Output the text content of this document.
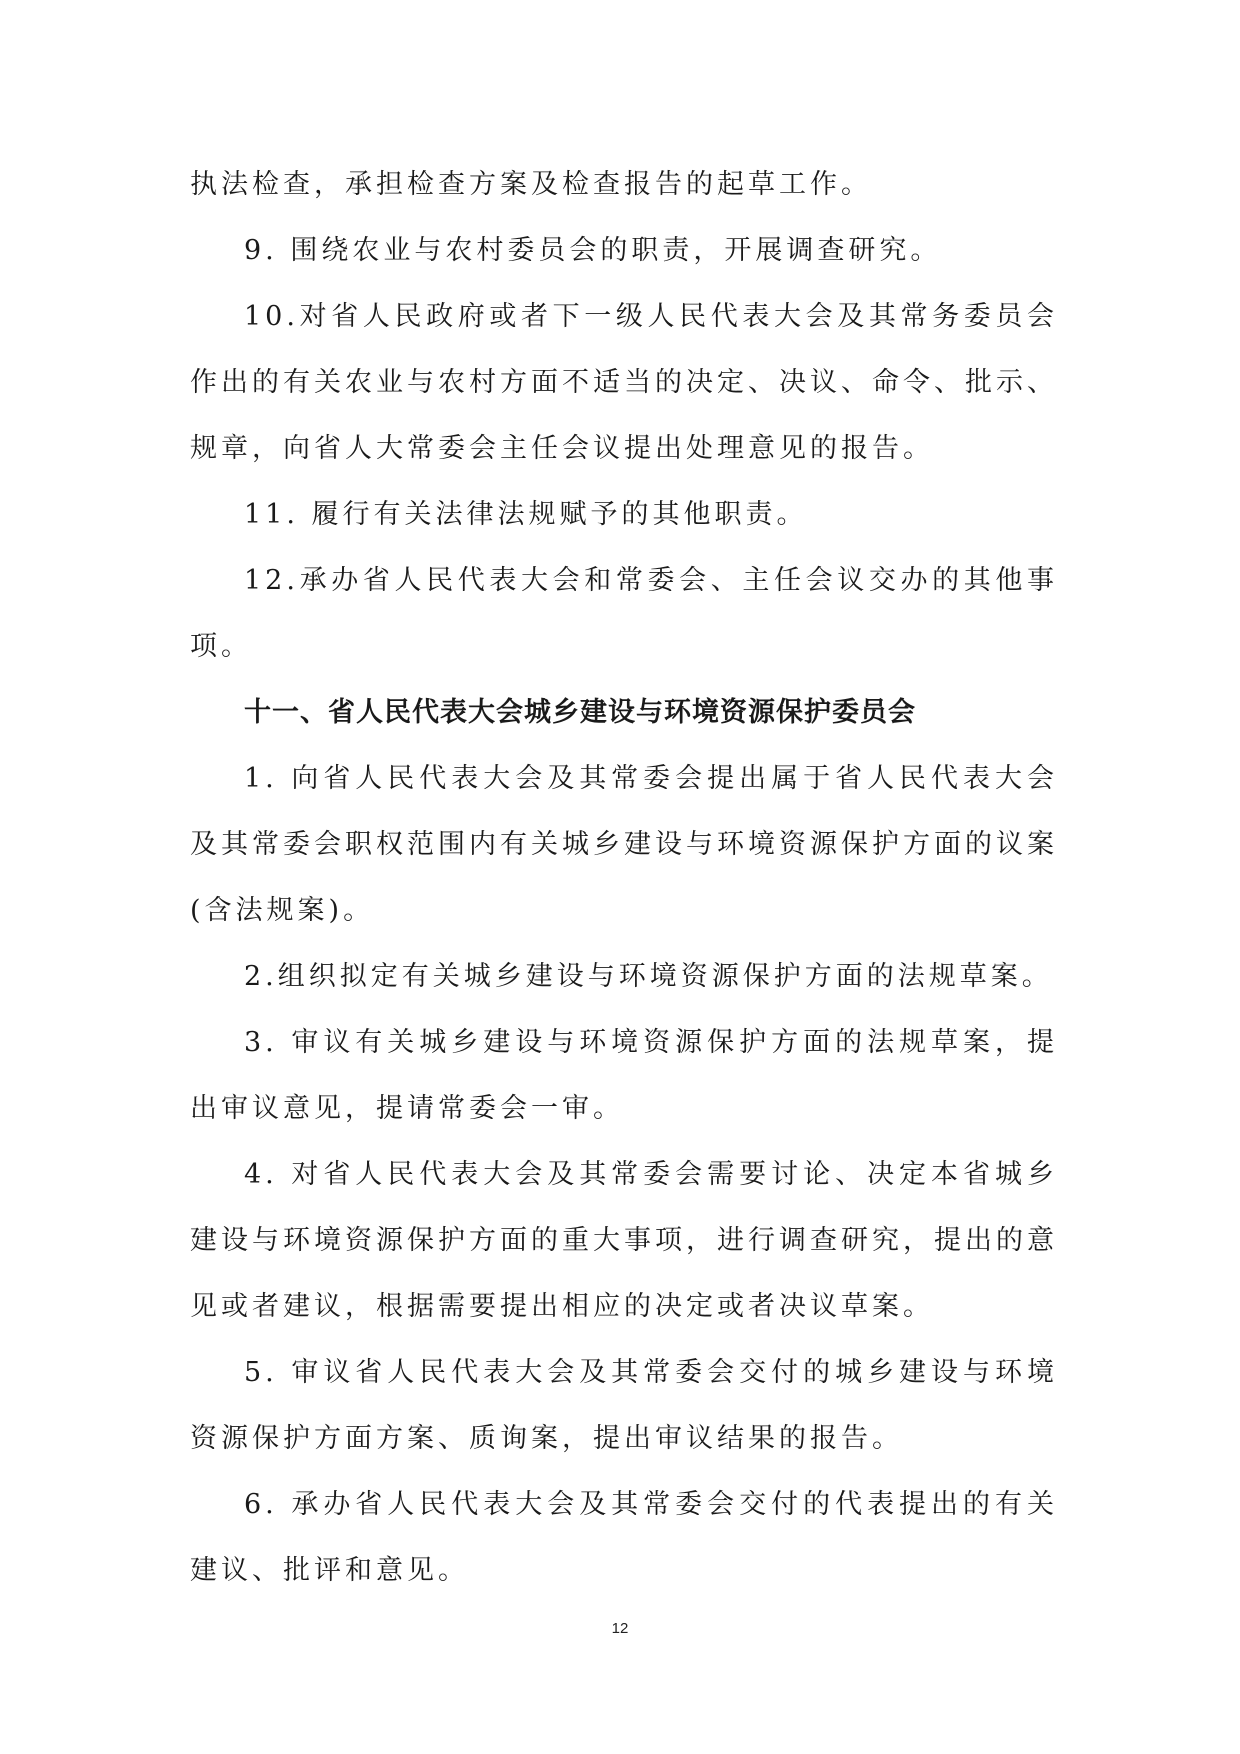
执法检查，承担检查方案及检查报告的起草工作。

9. 围绕农业与农村委员会的职责，开展调查研究。

10.对省人民政府或者下一级人民代表大会及其常务委员会作出的有关农业与农村方面不适当的决定、决议、命令、批示、规章，向省人大常委会主任会议提出处理意见的报告。

11. 履行有关法律法规赋予的其他职责。

12.承办省人民代表大会和常委会、主任会议交办的其他事项。

十一、省人民代表大会城乡建设与环境资源保护委员会

1. 向省人民代表大会及其常委会提出属于省人民代表大会及其常委会职权范围内有关城乡建设与环境资源保护方面的议案(含法规案)。

2.组织拟定有关城乡建设与环境资源保护方面的法规草案。

3. 审议有关城乡建设与环境资源保护方面的法规草案，提出审议意见，提请常委会一审。

4. 对省人民代表大会及其常委会需要讨论、决定本省城乡建设与环境资源保护方面的重大事项，进行调查研究，提出的意见或者建议，根据需要提出相应的决定或者决议草案。

5. 审议省人民代表大会及其常委会交付的城乡建设与环境资源保护方面方案、质询案，提出审议结果的报告。

6. 承办省人民代表大会及其常委会交付的代表提出的有关建议、批评和意见。

12
